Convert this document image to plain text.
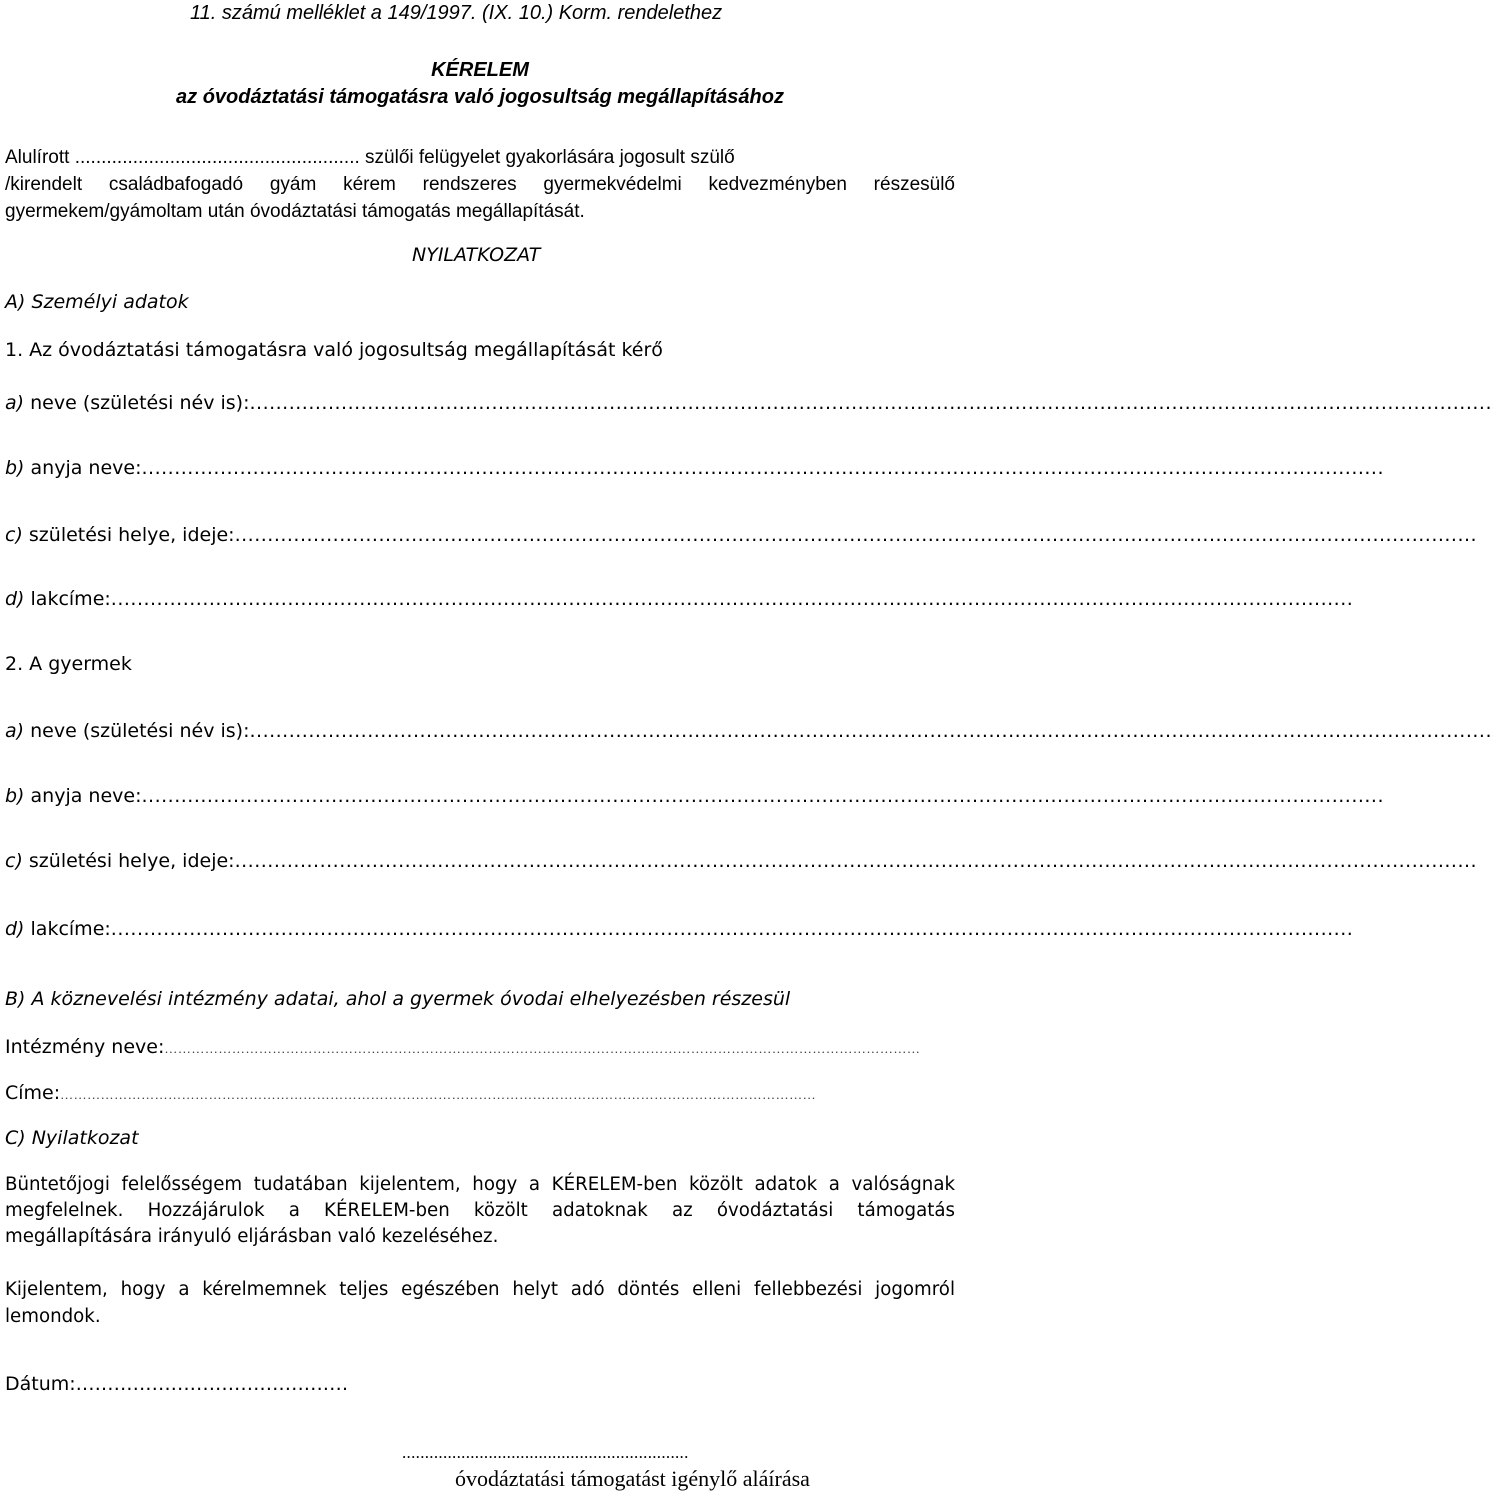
11. számú melléklet a 149/1997. (IX. 10.) Korm. rendelethez
KÉRELEM
az óvodáztatási támogatásra való jogosultság megállapításához
Alulírott ...................................................... szülői felügyelet gyakorlására jogosult szülő
/kirendelt családbafogadó gyám kérem rendszeres gyermekvédelmi kedvezményben részesülő
gyermekem/gyámoltam után óvodáztatási támogatás megállapítását.
NYILATKOZAT
A) Személyi adatok
1. Az óvodáztatási támogatásra való jogosultság megállapítását kérő
a) neve (születési név is): ..............................................................................................................................................................................................
b) anyja neve: ..............................................................................................................................................................................................
c) születési helye, ideje: ..............................................................................................................................................................................................
d) lakcíme: ..............................................................................................................................................................................................
2. A gyermek
a) neve (születési név is): ..............................................................................................................................................................................................
b) anyja neve: ..............................................................................................................................................................................................
c) születési helye, ideje: ..............................................................................................................................................................................................
d) lakcíme: ..............................................................................................................................................................................................
B) A köznevelési intézmény adatai, ahol a gyermek óvodai elhelyezésben részesül
Intézmény neve: ……………………………………………………………………………………………………………………………………………………
Címe: ……………………………………………………………………………………………………………………………………………………
C) Nyilatkozat
Büntetőjogi felelősségem tudatában kijelentem, hogy a KÉRELEM-ben közölt adatok a valóságnak
megfelelnek. Hozzájárulok a KÉRELEM-ben közölt adatoknak az óvodáztatási támogatás
megállapítására irányuló eljárásban való kezeléséhez.
Kijelentem, hogy a kérelmemnek teljes egészében helyt adó döntés elleni fellebbezési jogomról
lemondok.
Dátum:...........................................
...............................................................
óvodáztatási támogatást igénylő aláírása
